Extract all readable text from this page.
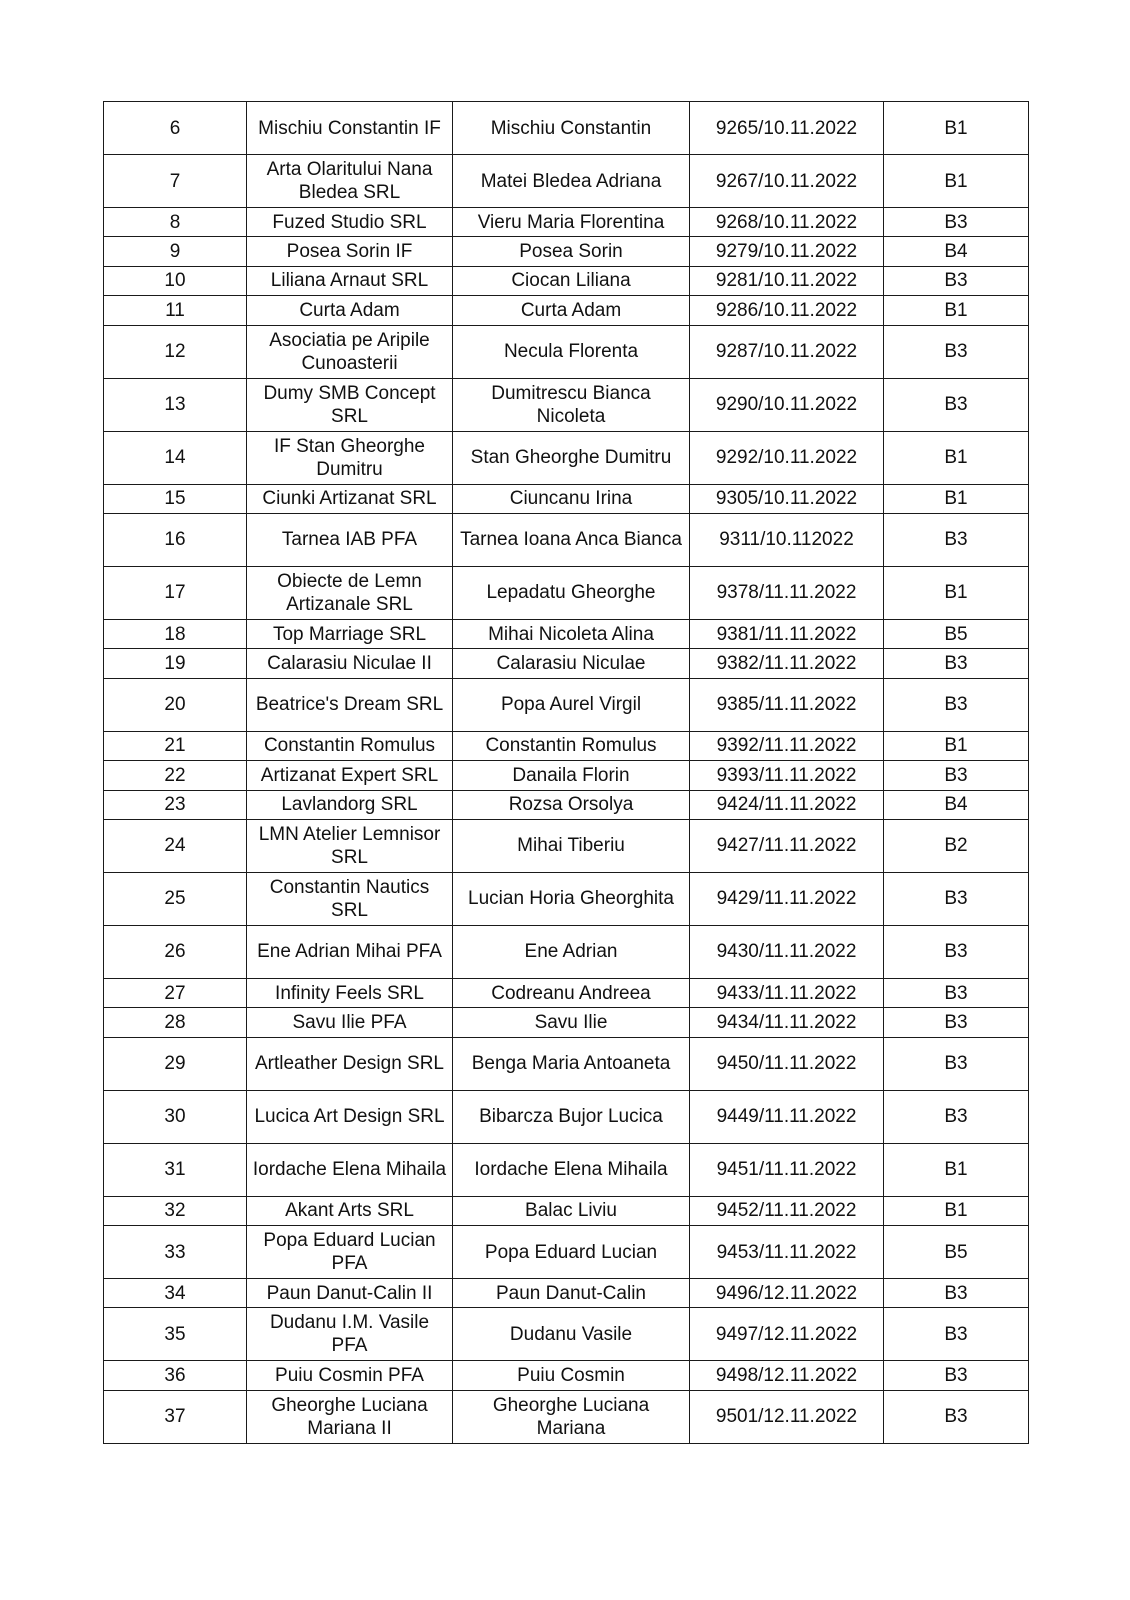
6	Mischiu Constantin IF	Mischiu Constantin	9265/10.11.2022	B1
7	Arta Olaritului Nana Bledea SRL	Matei Bledea Adriana	9267/10.11.2022	B1
8	Fuzed Studio SRL	Vieru Maria Florentina	9268/10.11.2022	B3
9	Posea Sorin IF	Posea Sorin	9279/10.11.2022	B4
10	Liliana Arnaut SRL	Ciocan Liliana	9281/10.11.2022	B3
11	Curta Adam	Curta Adam	9286/10.11.2022	B1
12	Asociatia pe Aripile Cunoasterii	Necula Florenta	9287/10.11.2022	B3
13	Dumy SMB Concept SRL	Dumitrescu Bianca Nicoleta	9290/10.11.2022	B3
14	IF Stan Gheorghe Dumitru	Stan Gheorghe Dumitru	9292/10.11.2022	B1
15	Ciunki Artizanat SRL	Ciuncanu Irina	9305/10.11.2022	B1
16	Tarnea IAB PFA	Tarnea Ioana Anca Bianca	9311/10.112022	B3
17	Obiecte de Lemn Artizanale SRL	Lepadatu Gheorghe	9378/11.11.2022	B1
18	Top Marriage SRL	Mihai Nicoleta Alina	9381/11.11.2022	B5
19	Calarasiu Niculae II	Calarasiu Niculae	9382/11.11.2022	B3
20	Beatrice's Dream SRL	Popa Aurel Virgil	9385/11.11.2022	B3
21	Constantin Romulus	Constantin Romulus	9392/11.11.2022	B1
22	Artizanat Expert SRL	Danaila Florin	9393/11.11.2022	B3
23	Lavlandorg SRL	Rozsa Orsolya	9424/11.11.2022	B4
24	LMN Atelier Lemnisor SRL	Mihai Tiberiu	9427/11.11.2022	B2
25	Constantin Nautics SRL	Lucian Horia Gheorghita	9429/11.11.2022	B3
26	Ene Adrian Mihai PFA	Ene Adrian	9430/11.11.2022	B3
27	Infinity Feels SRL	Codreanu Andreea	9433/11.11.2022	B3
28	Savu Ilie PFA	Savu Ilie	9434/11.11.2022	B3
29	Artleather Design SRL	Benga Maria Antoaneta	9450/11.11.2022	B3
30	Lucica Art Design SRL	Bibarcza Bujor Lucica	9449/11.11.2022	B3
31	Iordache Elena Mihaila	Iordache Elena Mihaila	9451/11.11.2022	B1
32	Akant Arts SRL	Balac Liviu	9452/11.11.2022	B1
33	Popa Eduard Lucian PFA	Popa Eduard Lucian	9453/11.11.2022	B5
34	Paun Danut-Calin II	Paun Danut-Calin	9496/12.11.2022	B3
35	Dudanu I.M. Vasile PFA	Dudanu Vasile	9497/12.11.2022	B3
36	Puiu Cosmin PFA	Puiu Cosmin	9498/12.11.2022	B3
37	Gheorghe Luciana Mariana II	Gheorghe Luciana Mariana	9501/12.11.2022	B3
